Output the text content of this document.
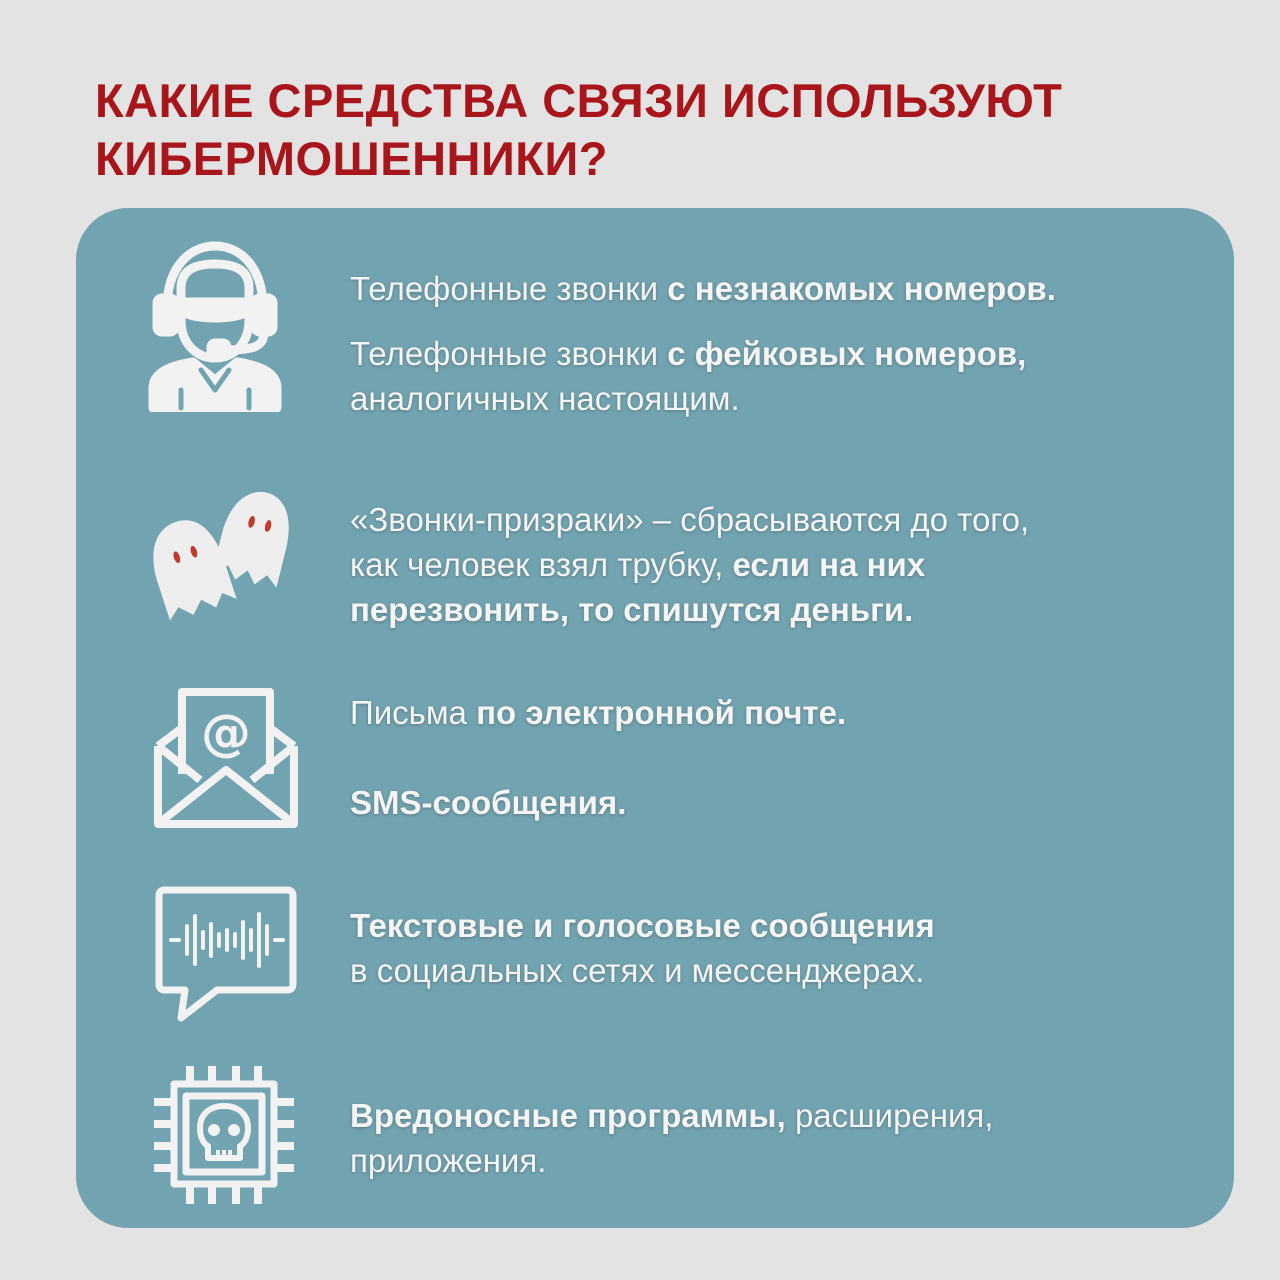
КАКИЕ СРЕДСТВА СВЯЗИ ИСПОЛЬЗУЮТ
КИБЕРМОШЕННИКИ?
Телефонные звонки с незнакомых номеров.
Телефонные звонки с фейковых номеров,
аналогичных настоящим.
«Звонки-призраки» – сбрасываются до того,
как человек взял трубку, если на них
перезвонить, то спишутся деньги.
@	Письма по электронной почте.
SMS-сообщения.
Текстовые и голосовые сообщения
в социальных сетях и мессенджерах.
Вредоносные программы, расширения,
приложения.
